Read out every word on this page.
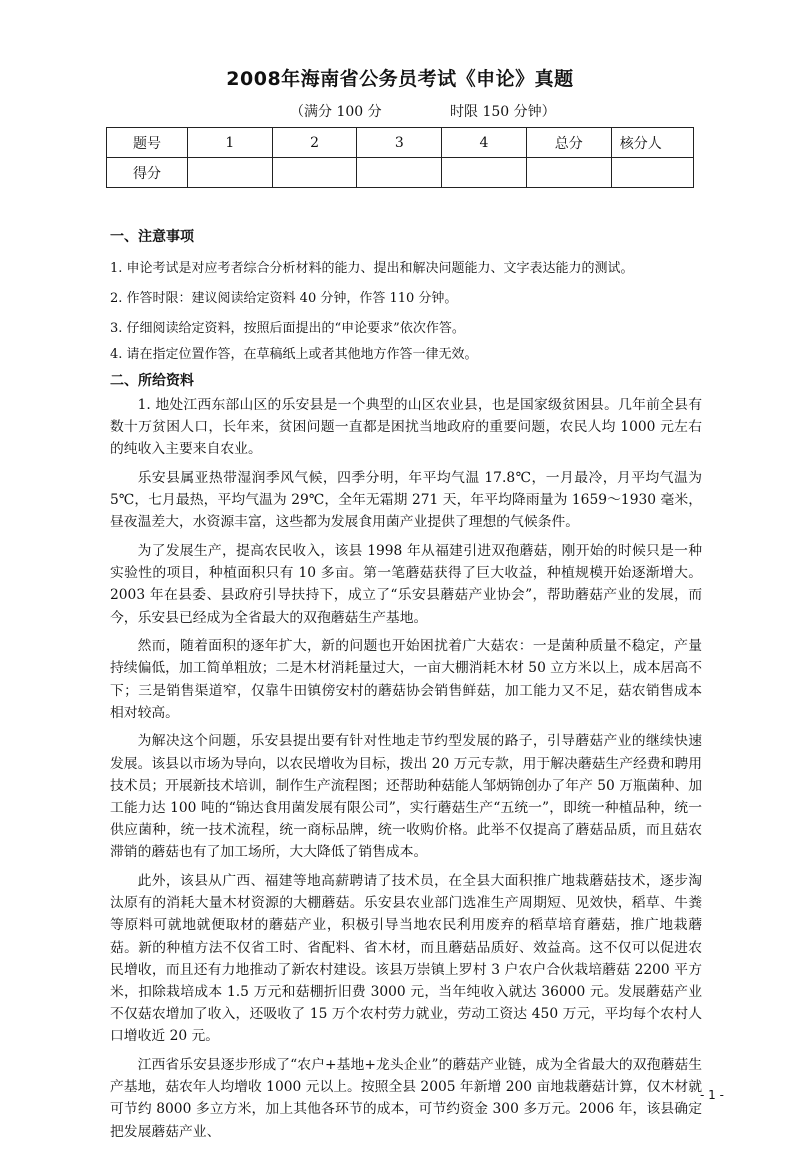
2008年海南省公务员考试《申论》真题
（满分 100 分	时限 150 分钟）
题号	1	2	3	4	总分	核分人
得分						
一、注意事项
1. 申论考试是对应考者综合分析材料的能力、提出和解决问题能力、文字表达能力的测试。
2. 作答时限：建议阅读给定资料 40 分钟，作答 110 分钟。
3. 仔细阅读给定资料，按照后面提出的“申论要求”依次作答。
4. 请在指定位置作答，在草稿纸上或者其他地方作答一律无效。
二、所给资料

1. 地处江西东部山区的乐安县是一个典型的山区农业县，也是国家级贫困县。几年前全县有数十万贫困人口，长年来，贫困问题一直都是困扰当地政府的重要问题，农民人均 1000 元左右的纯收入主要来自农业。

乐安县属亚热带湿润季风气候，四季分明，年平均气温 17.8℃，一月最冷，月平均气温为 5℃，七月最热，平均气温为 29℃，全年无霜期 271 天，年平均降雨量为 1659～1930 毫米，昼夜温差大，水资源丰富，这些都为发展食用菌产业提供了理想的气候条件。

为了发展生产，提高农民收入，该县 1998 年从福建引进双孢蘑菇，刚开始的时候只是一种实验性的项目，种植面积只有 10 多亩。第一笔蘑菇获得了巨大收益，种植规模开始逐渐增大。2003 年在县委、县政府引导扶持下，成立了“乐安县蘑菇产业协会”，帮助蘑菇产业的发展，而今，乐安县已经成为全省最大的双孢蘑菇生产基地。

然而，随着面积的逐年扩大，新的问题也开始困扰着广大菇农：一是菌种质量不稳定，产量持续偏低，加工简单粗放；二是木材消耗量过大，一亩大棚消耗木材 50 立方米以上，成本居高不下；三是销售渠道窄，仅靠牛田镇傍安村的蘑菇协会销售鲜菇，加工能力又不足，菇农销售成本相对较高。

为解决这个问题，乐安县提出要有针对性地走节约型发展的路子，引导蘑菇产业的继续快速发展。该县以市场为导向，以农民增收为目标，拨出 20 万元专款，用于解决蘑菇生产经费和聘用技术员；开展新技术培训，制作生产流程图；还帮助种菇能人邹炳锦创办了年产 50 万瓶菌种、加工能力达 100 吨的“锦达食用菌发展有限公司”，实行蘑菇生产“五统一”，即统一种植品种，统一供应菌种，统一技术流程，统一商标品牌，统一收购价格。此举不仅提高了蘑菇品质，而且菇农滞销的蘑菇也有了加工场所，大大降低了销售成本。

此外，该县从广西、福建等地高薪聘请了技术员，在全县大面积推广地栽蘑菇技术，逐步淘汰原有的消耗大量木材资源的大棚蘑菇。乐安县农业部门选准生产周期短、见效快，稻草、牛粪等原料可就地就便取材的蘑菇产业，积极引导当地农民利用废弃的稻草培育蘑菇，推广地栽蘑菇。新的种植方法不仅省工时、省配料、省木材，而且蘑菇品质好、效益高。这不仅可以促进农民增收，而且还有力地推动了新农村建设。该县万崇镇上罗村 3 户农户合伙栽培蘑菇 2200 平方米，扣除栽培成本 1.5 万元和菇棚折旧费 3000 元，当年纯收入就达 36000 元。发展蘑菇产业不仅菇农增加了收入，还吸收了 15 万个农村劳力就业，劳动工资达 450 万元，平均每个农村人口增收近 20 元。

江西省乐安县逐步形成了“农户+基地+龙头企业”的蘑菇产业链，成为全省最大的双孢蘑菇生产基地，菇农年人均增收 1000 元以上。按照全县 2005 年新增 200 亩地栽蘑菇计算，仅木材就可节约 8000 多立方米，加上其他各环节的成本，可节约资金 300 多万元。2006 年，该县确定把发展蘑菇产业、

- 1 -
